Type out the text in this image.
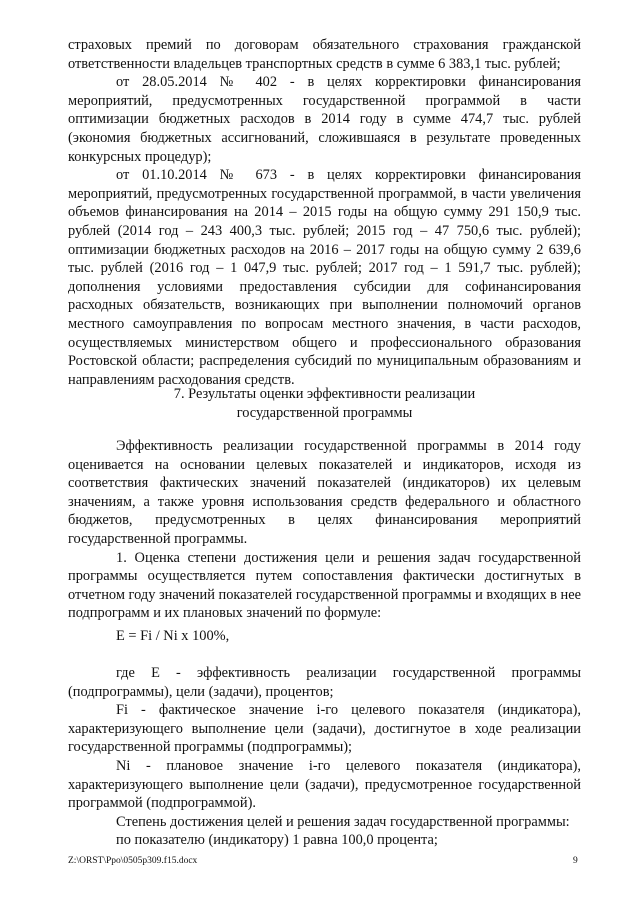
страховых премий по договорам обязательного страхования гражданской ответственности владельцев транспортных средств в сумме 6 383,1 тыс. рублей;

от 28.05.2014 № 402 - в целях корректировки финансирования мероприятий, предусмотренных государственной программой в части оптимизации бюджетных расходов в 2014 году в сумме 474,7 тыс. рублей (экономия бюджетных ассигнований, сложившаяся в результате проведенных конкурсных процедур);

от 01.10.2014 № 673 - в целях корректировки финансирования мероприятий, предусмотренных государственной программой, в части увеличения объемов финансирования на 2014 – 2015 годы на общую сумму 291 150,9 тыс. рублей (2014 год – 243 400,3 тыс. рублей; 2015 год – 47 750,6 тыс. рублей); оптимизации бюджетных расходов на 2016 – 2017 годы на общую сумму 2 639,6 тыс. рублей (2016 год – 1 047,9 тыс. рублей; 2017 год – 1 591,7 тыс. рублей); дополнения условиями предоставления субсидии для софинансирования расходных обязательств, возникающих при выполнении полномочий органов местного самоуправления по вопросам местного значения, в части расходов, осуществляемых министерством общего и профессионального образования Ростовской области; распределения субсидий по муниципальным образованиям и направлениям расходования средств.

7. Результаты оценки эффективности реализации

государственной программы

Эффективность реализации государственной программы в 2014 году оценивается на основании целевых показателей и индикаторов, исходя из соответствия фактических значений показателей (индикаторов) их целевым значениям, а также уровня использования средств федерального и областного бюджетов, предусмотренных в целях финансирования мероприятий государственной программы.

1. Оценка степени достижения цели и решения задач государственной программы осуществляется путем сопоставления фактически достигнутых в отчетном году значений показателей государственной программы и входящих в нее подпрограмм и их плановых значений по формуле:

E = Fi / Ni x 100%,

где E - эффективность реализации государственной программы (подпрограммы), цели (задачи), процентов;

Fi - фактическое значение i-го целевого показателя (индикатора), характеризующего выполнение цели (задачи), достигнутое в ходе реализации государственной программы (подпрограммы);

Ni - плановое значение i-го целевого показателя (индикатора), характеризующего выполнение цели (задачи), предусмотренное государственной программой (подпрограммой).

Степень достижения целей и решения задач государственной программы:

по показателю (индикатору) 1 равна 100,0 процента;

Z:\ORST\Ppo\0505p309.f15.docx	9
